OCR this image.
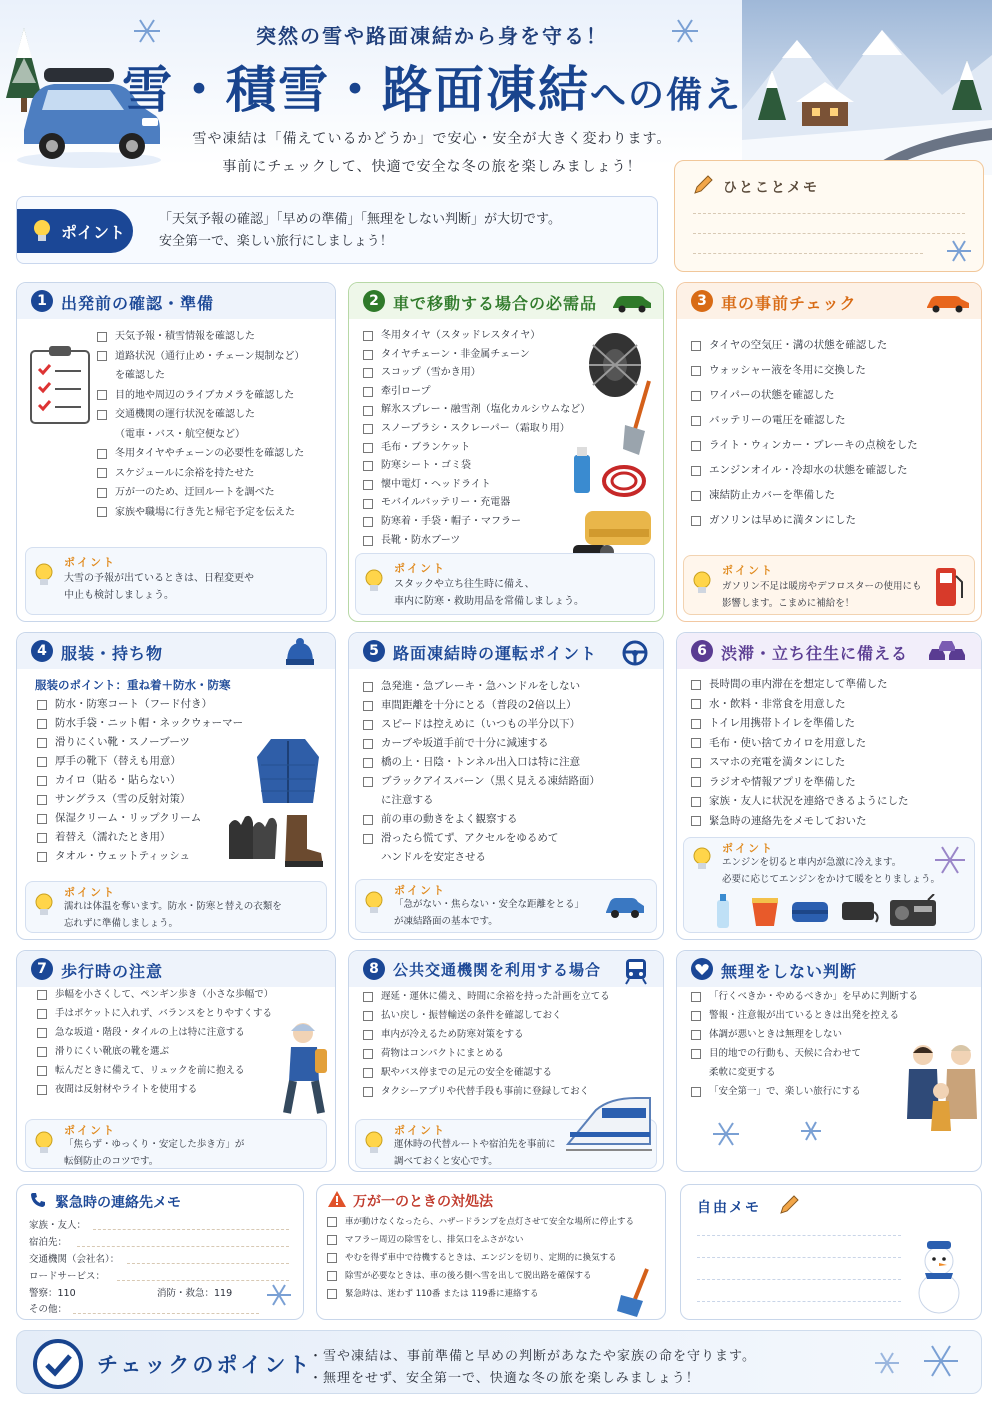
突然の雪や路面凍結から身を守る！
雪・積雪・路面凍結への備え
雪や凍結は「備えているかどうか」で安心・安全が大きく変わります。
事前にチェックして、快適で安全な冬の旅を楽しみましょう！
ポイント
「天気予報の確認」「早めの準備」「無理をしない判断」が大切です。
安全第一で、楽しい旅行にしましょう！
ひとことメモ
1 出発前の確認・準備
天気予報・積雪情報を確認した
道路状況（通行止め・チェーン規制など）
を確認した
目的地や周辺のライブカメラを確認した
交通機関の運行状況を確認した
（電車・バス・航空便など）
冬用タイヤやチェーンの必要性を確認した
スケジュールに余裕を持たせた
万が一のため、迂回ルートを調べた
家族や職場に行き先と帰宅予定を伝えた
ポイント
大雪の予報が出ているときは、日程変更や
中止も検討しましょう。
2 車で移動する場合の必需品
冬用タイヤ（スタッドレスタイヤ）
タイヤチェーン・非金属チェーン
スコップ（雪かき用）
牽引ロープ
解氷スプレー・融雪剤（塩化カルシウムなど）
スノーブラシ・スクレーパー（霜取り用）
毛布・ブランケット
防寒シート・ゴミ袋
懐中電灯・ヘッドライト
モバイルバッテリー・充電器
防寒着・手袋・帽子・マフラー
長靴・防水ブーツ
ポイント
スタックや立ち往生時に備え、
車内に防寒・救助用品を常備しましょう。
3 車の事前チェック
タイヤの空気圧・溝の状態を確認した
ウォッシャー液を冬用に交換した
ワイパーの状態を確認した
バッテリーの電圧を確認した
ライト・ウィンカー・ブレーキの点検をした
エンジンオイル・冷却水の状態を確認した
凍結防止カバーを準備した
ガソリンは早めに満タンにした
ポイント
ガソリン不足は暖房やデフロスターの使用にも
影響します。こまめに補給を！
4 服装・持ち物
服装のポイント：重ね着＋防水・防寒
防水・防寒コート（フード付き）
防水手袋・ニット帽・ネックウォーマー
滑りにくい靴・スノーブーツ
厚手の靴下（替えも用意）
カイロ（貼る・貼らない）
サングラス（雪の反射対策）
保湿クリーム・リップクリーム
着替え（濡れたとき用）
タオル・ウェットティッシュ
ポイント
濡れは体温を奪います。防水・防寒と替えの衣類を
忘れずに準備しましょう。
5 路面凍結時の運転ポイント
急発進・急ブレーキ・急ハンドルをしない
車間距離を十分にとる（普段の2倍以上）
スピードは控えめに（いつもの半分以下）
カーブや坂道手前で十分に減速する
橋の上・日陰・トンネル出入口は特に注意
ブラックアイスバーン（黒く見える凍結路面）
に注意する
前の車の動きをよく観察する
滑ったら慌てず、アクセルをゆるめて
ハンドルを安定させる
ポイント
「急がない・焦らない・安全な距離をとる」
が凍結路面の基本です。
6 渋滞・立ち往生に備える
長時間の車内滞在を想定して準備した
水・飲料・非常食を用意した
トイレ用携帯トイレを準備した
毛布・使い捨てカイロを用意した
スマホの充電を満タンにした
ラジオや情報アプリを準備した
家族・友人に状況を連絡できるようにした
緊急時の連絡先をメモしておいた
ポイント
エンジンを切ると車内が急激に冷えます。
必要に応じてエンジンをかけて暖をとりましょう。
7 歩行時の注意
歩幅を小さくして、ペンギン歩き（小さな歩幅で）
手はポケットに入れず、バランスをとりやすくする
急な坂道・階段・タイルの上は特に注意する
滑りにくい靴底の靴を選ぶ
転んだときに備えて、リュックを前に抱える
夜間は反射材やライトを使用する
ポイント
「焦らず・ゆっくり・安定した歩き方」が
転倒防止のコツです。
8 公共交通機関を利用する場合
遅延・運休に備え、時間に余裕を持った計画を立てる
払い戻し・振替輸送の条件を確認しておく
車内が冷えるため防寒対策をする
荷物はコンパクトにまとめる
駅やバス停までの足元の安全を確認する
タクシーアプリや代替手段も事前に登録しておく
ポイント
運休時の代替ルートや宿泊先を事前に
調べておくと安心です。
無理をしない判断
「行くべきか・やめるべきか」を早めに判断する
警報・注意報が出ているときは出発を控える
体調が悪いときは無理をしない
目的地での行動も、天候に合わせて
柔軟に変更する
「安全第一」で、楽しい旅行にする
緊急時の連絡先メモ
家族・友人：
宿泊先：
交通機関（会社名）：
ロードサービス：
警察：110	消防・救急：119
その他：
万が一のときの対処法
車が動けなくなったら、ハザードランプを点灯させて安全な場所に停止する
マフラー周辺の除雪をし、排気口をふさがない
やむを得ず車中で待機するときは、エンジンを切り、定期的に換気する
除雪が必要なときは、車の後ろ側へ雪を出して脱出路を確保する
緊急時は、迷わず 110番 または 119番に連絡する
自由メモ
チェックのポイント
・雪や凍結は、事前準備と早めの判断があなたや家族の命を守ります。
・無理をせず、安全第一で、快適な冬の旅を楽しみましょう！
